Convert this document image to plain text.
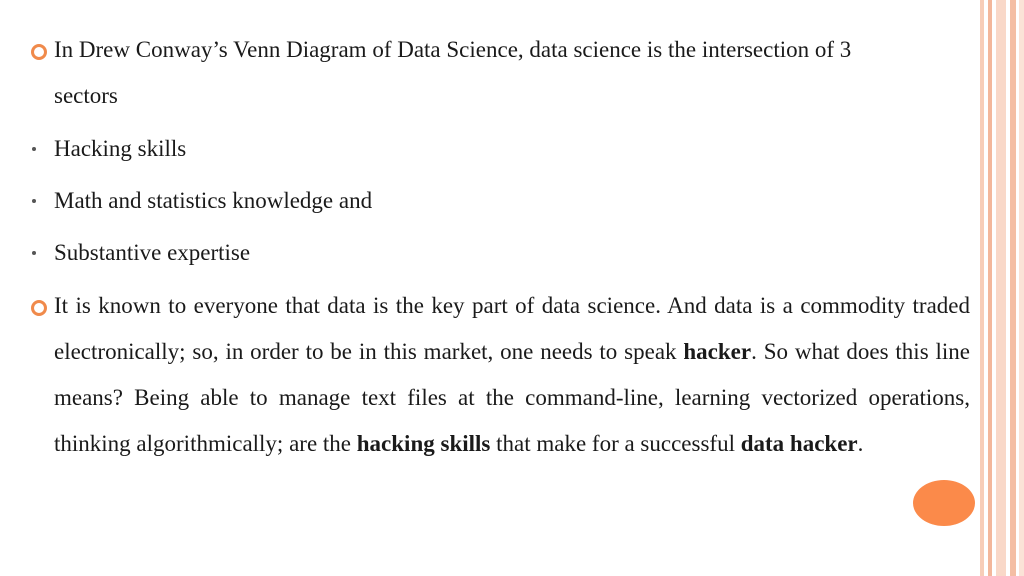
In Drew Conway’s Venn Diagram of Data Science, data science is the intersection of 3
sectors
Hacking skills
Math and statistics knowledge and
Substantive expertise
It is known to everyone that data is the key part of data science. And data is a commodity traded electronically; so, in order to be in this market, one needs to speak hacker. So what does this line means? Being able to manage text files at the command-line, learning vectorized operations, thinking algorithmically; are the hacking skills that make for a successful data hacker.
